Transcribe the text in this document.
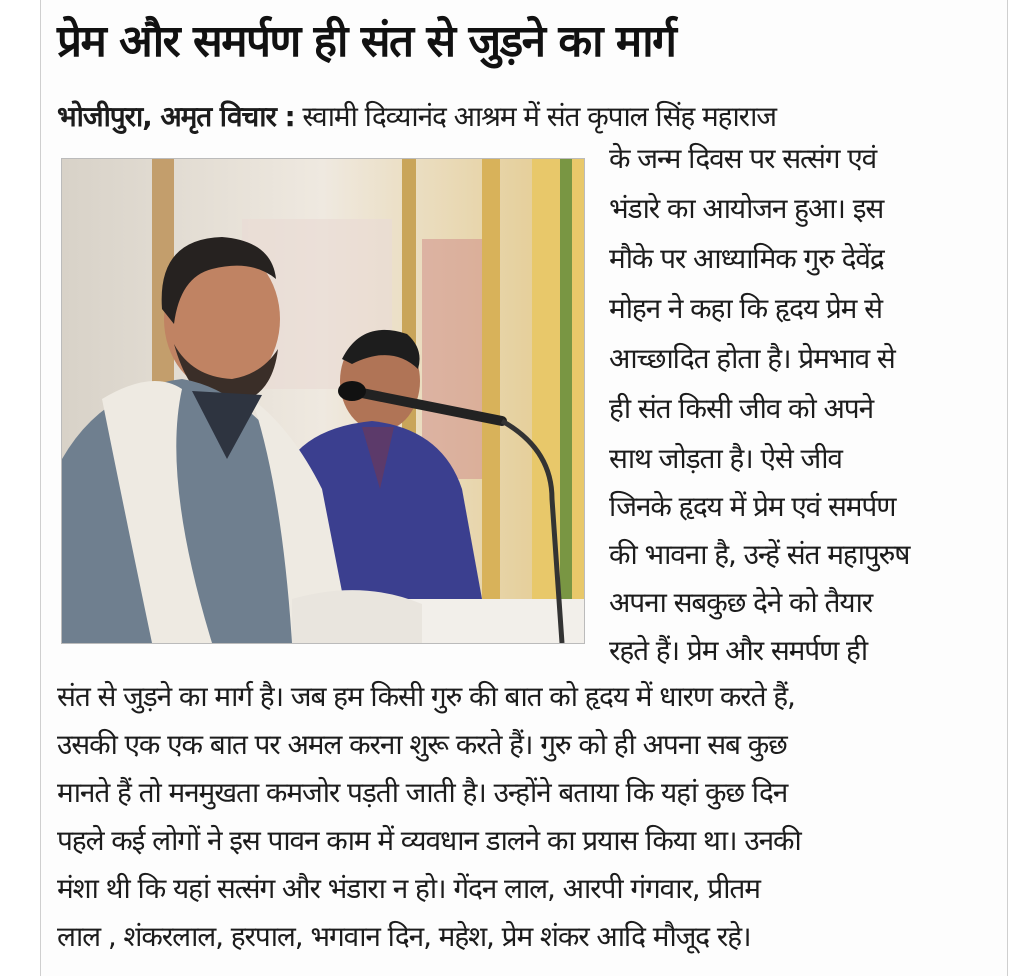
प्रेम और समर्पण ही संत से जुड़ने का मार्ग
भोजीपुरा, अमृत विचार : स्वामी दिव्यानंद आश्रम में संत कृपाल सिंह महाराज
के जन्म दिवस पर सत्संग एवं
भंडारे का आयोजन हुआ। इस
मौके पर आध्यामिक गुरु देवेंद्र
मोहन ने कहा कि हृदय प्रेम से
आच्छादित होता है। प्रेमभाव से
ही संत किसी जीव को अपने
साथ जोड़ता है। ऐसे जीव
जिनके हृदय में प्रेम एवं समर्पण
की भावना है, उन्हें संत महापुरुष
अपना सबकुछ देने को तैयार
रहते हैं। प्रेम और समर्पण ही
संत से जुड़ने का मार्ग है। जब हम किसी गुरु की बात को हृदय में धारण करते हैं,
उसकी एक एक बात पर अमल करना शुरू करते हैं। गुरु को ही अपना सब कुछ
मानते हैं तो मनमुखता कमजोर पड़ती जाती है। उन्होंने बताया कि यहां कुछ दिन
पहले कई लोगों ने इस पावन काम में व्यवधान डालने का प्रयास किया था। उनकी
मंशा थी कि यहां सत्संग और भंडारा न हो। गेंदन लाल, आरपी गंगवार, प्रीतम
लाल , शंकरलाल, हरपाल, भगवान दिन, महेश, प्रेम शंकर आदि मौजूद रहे।
